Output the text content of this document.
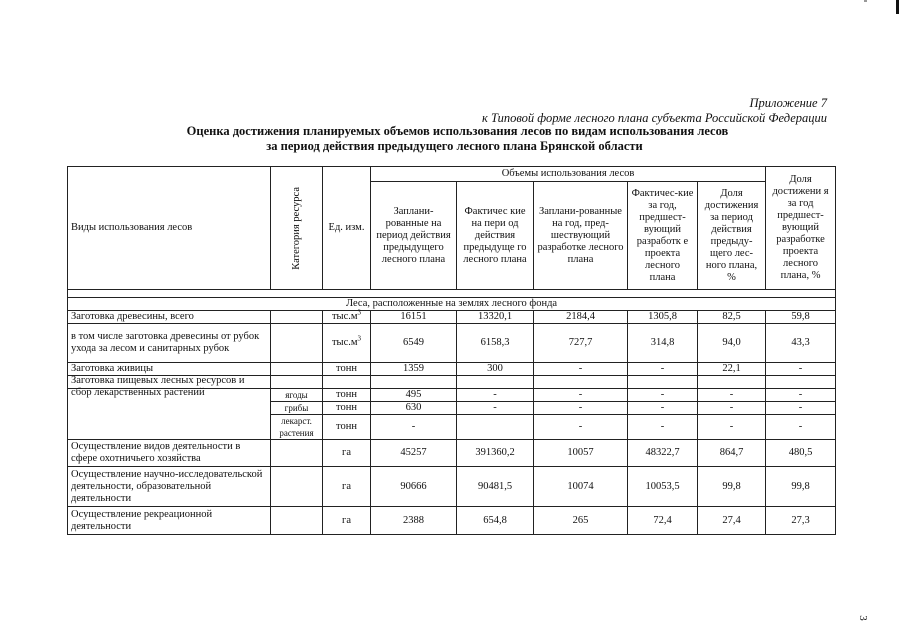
Приложение 7
к Типовой форме лесного плана субъекта Российской Федерации
Оценка достижения планируемых объемов использования лесов по видам использования лесов
за период действия предыдущего лесного плана Брянской области
Виды использования лесов	Категория ресурса	Ед. изм.	Объемы использования лесов					Доля достижени я за год предшест-вующий разработке проекта лесного плана, %
			Заплани-рованные на период действия предыдущего лесного плана	Фактичес кие на пери од действия предыдуще го лесного плана	Заплани-рованные на год, пред-шествующий разработке лесного плана	Фактичес-кие за год, предшест-вующий разработк е проекта лесного плана	Доля достижения за период действия предыду-щего лес-ного плана, %	

Леса, расположенные на землях лесного фонда								
Заготовка древесины, всего		$тыс.м^3$	16151	13320,1	2184,4	1305,8	82,5	59,8
в том числе заготовка древесины от рубок ухода за лесом и санитарных рубок		$тыс.м^3$	6549	6158,3	727,7	314,8	94,0	43,3
Заготовка живицы		тонн	1359	300	-	-	22,1	-

Заготовка пищевых лесных ресурсов и сбор лекарственных растений	ягоды	тонн	495	-	-	-	-	-
	грибы	тонн	630	-	-	-	-	-
	лекарст. растения	тонн	-		-	-	-	-
Осуществление видов деятельности в сфере охотничьего хозяйства		га	45257	391360,2	10057	48322,7	864,7	480,5
Осуществление научно-исследовательской деятельности, образовательной деятельности		га	90666	90481,5	10074	10053,5	99,8	99,8
Осуществление рекреационной деятельности		га	2388	654,8	265	72,4	27,4	27,3
3
